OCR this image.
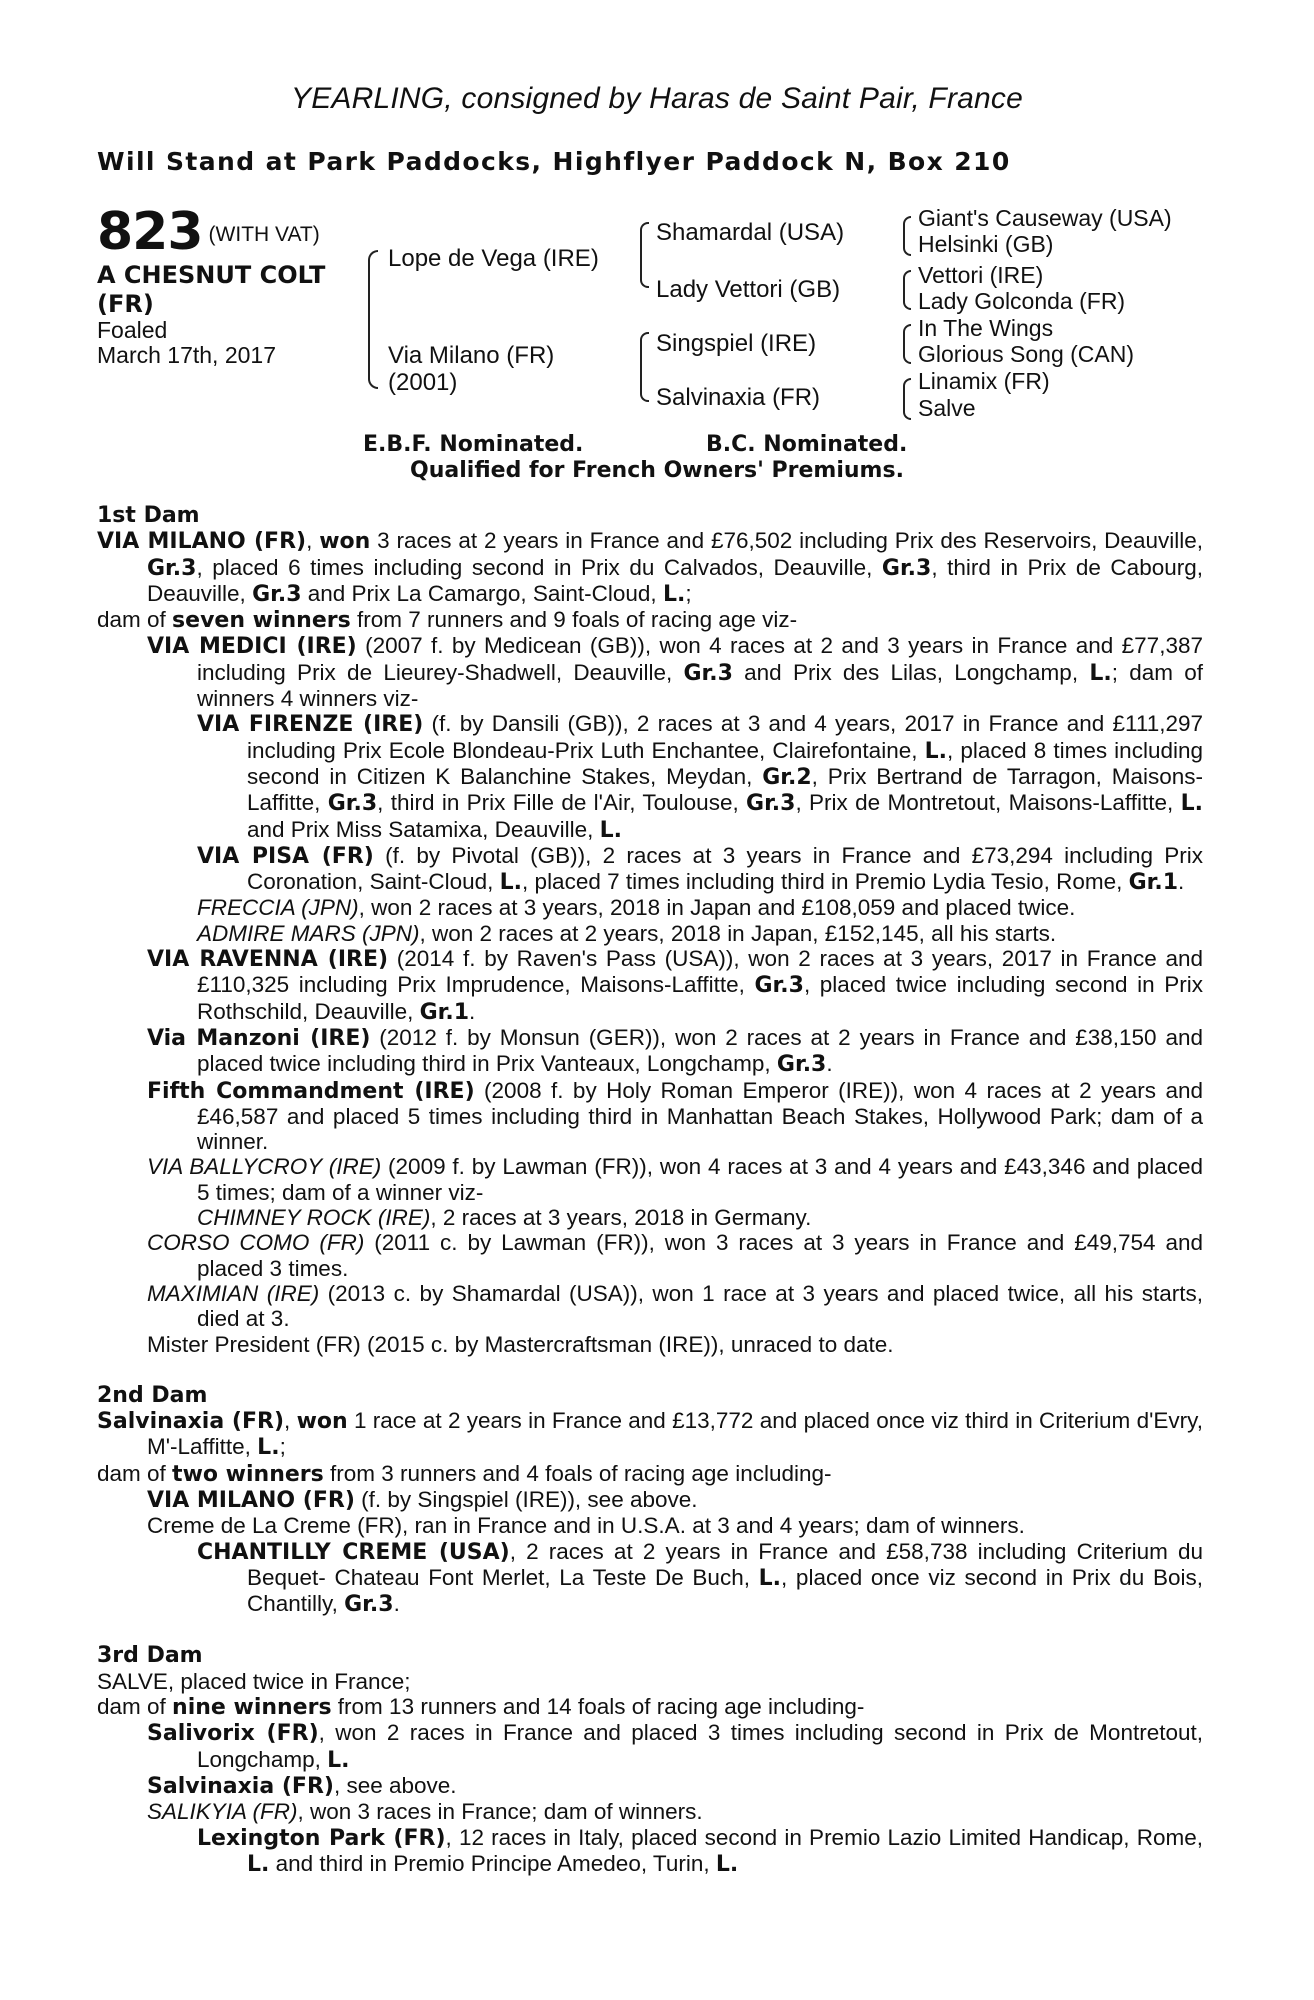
YEARLING, consigned by Haras de Saint Pair, France
Will Stand at Park Paddocks, Highflyer Paddock N, Box 210
823 (WITH VAT)
A CHESNUT COLT
(FR)
Foaled
March 17th, 2017
Lope de Vega (IRE)
Via Milano (FR)
(2001)
Shamardal (USA)
Lady Vettori (GB)
Singspiel (IRE)
Salvinaxia (FR)
Giant's Causeway (USA)
Helsinki (GB)
Vettori (IRE)
Lady Golconda (FR)
In The Wings
Glorious Song (CAN)
Linamix (FR)
Salve
E.B.F. Nominated.	B.C. Nominated.
Qualified for French Owners' Premiums.
1st Dam

VIA MILANO (FR), won 3 races at 2 years in France and £76,502 including Prix des Reservoirs, Deauville, Gr.3, placed 6 times including second in Prix du Calvados, Deauville, Gr.3, third in Prix de Cabourg, Deauville, Gr.3 and Prix La Camargo, Saint-Cloud, L.;

dam of seven winners from 7 runners and 9 foals of racing age viz-

VIA MEDICI (IRE) (2007 f. by Medicean (GB)), won 4 races at 2 and 3 years in France and £77,387 including Prix de Lieurey-Shadwell, Deauville, Gr.3 and Prix des Lilas, Longchamp, L.; dam of winners 4 winners viz-

VIA FIRENZE (IRE) (f. by Dansili (GB)), 2 races at 3 and 4 years, 2017 in France and £111,297 including Prix Ecole Blondeau-Prix Luth Enchantee, Clairefontaine, L., placed 8 times including second in Citizen K Balanchine Stakes, Meydan, Gr.2, Prix Bertrand de Tarragon, Maisons-Laffitte, Gr.3, third in Prix Fille de l'Air, Toulouse, Gr.3, Prix de Montretout, Maisons-Laffitte, L. and Prix Miss Satamixa, Deauville, L.

VIA PISA (FR) (f. by Pivotal (GB)), 2 races at 3 years in France and £73,294 including Prix Coronation, Saint-Cloud, L., placed 7 times including third in Premio Lydia Tesio, Rome, Gr.1.

FRECCIA (JPN), won 2 races at 3 years, 2018 in Japan and £108,059 and placed twice.

ADMIRE MARS (JPN), won 2 races at 2 years, 2018 in Japan, £152,145, all his starts.

VIA RAVENNA (IRE) (2014 f. by Raven's Pass (USA)), won 2 races at 3 years, 2017 in France and £110,325 including Prix Imprudence, Maisons-Laffitte, Gr.3, placed twice including second in Prix Rothschild, Deauville, Gr.1.

Via Manzoni (IRE) (2012 f. by Monsun (GER)), won 2 races at 2 years in France and £38,150 and placed twice including third in Prix Vanteaux, Longchamp, Gr.3.

Fifth Commandment (IRE) (2008 f. by Holy Roman Emperor (IRE)), won 4 races at 2 years and £46,587 and placed 5 times including third in Manhattan Beach Stakes, Hollywood Park; dam of a winner.

VIA BALLYCROY (IRE) (2009 f. by Lawman (FR)), won 4 races at 3 and 4 years and £43,346 and placed 5 times; dam of a winner viz-

CHIMNEY ROCK (IRE), 2 races at 3 years, 2018 in Germany.

CORSO COMO (FR) (2011 c. by Lawman (FR)), won 3 races at 3 years in France and £49,754 and placed 3 times.

MAXIMIAN (IRE) (2013 c. by Shamardal (USA)), won 1 race at 3 years and placed twice, all his starts, died at 3.

Mister President (FR) (2015 c. by Mastercraftsman (IRE)), unraced to date.

2nd Dam

Salvinaxia (FR), won 1 race at 2 years in France and £13,772 and placed once viz third in Criterium d'Evry, M'-Laffitte, L.;

dam of two winners from 3 runners and 4 foals of racing age including-

VIA MILANO (FR) (f. by Singspiel (IRE)), see above.

Creme de La Creme (FR), ran in France and in U.S.A. at 3 and 4 years; dam of winners.

CHANTILLY CREME (USA), 2 races at 2 years in France and £58,738 including Criterium du Bequet- Chateau Font Merlet, La Teste De Buch, L., placed once viz second in Prix du Bois, Chantilly, Gr.3.

3rd Dam

SALVE, placed twice in France;

dam of nine winners from 13 runners and 14 foals of racing age including-

Salivorix (FR), won 2 races in France and placed 3 times including second in Prix de Montretout, Longchamp, L.

Salvinaxia (FR), see above.

SALIKYIA (FR), won 3 races in France; dam of winners.

Lexington Park (FR), 12 races in Italy, placed second in Premio Lazio Limited Handicap, Rome, L. and third in Premio Principe Amedeo, Turin, L.
